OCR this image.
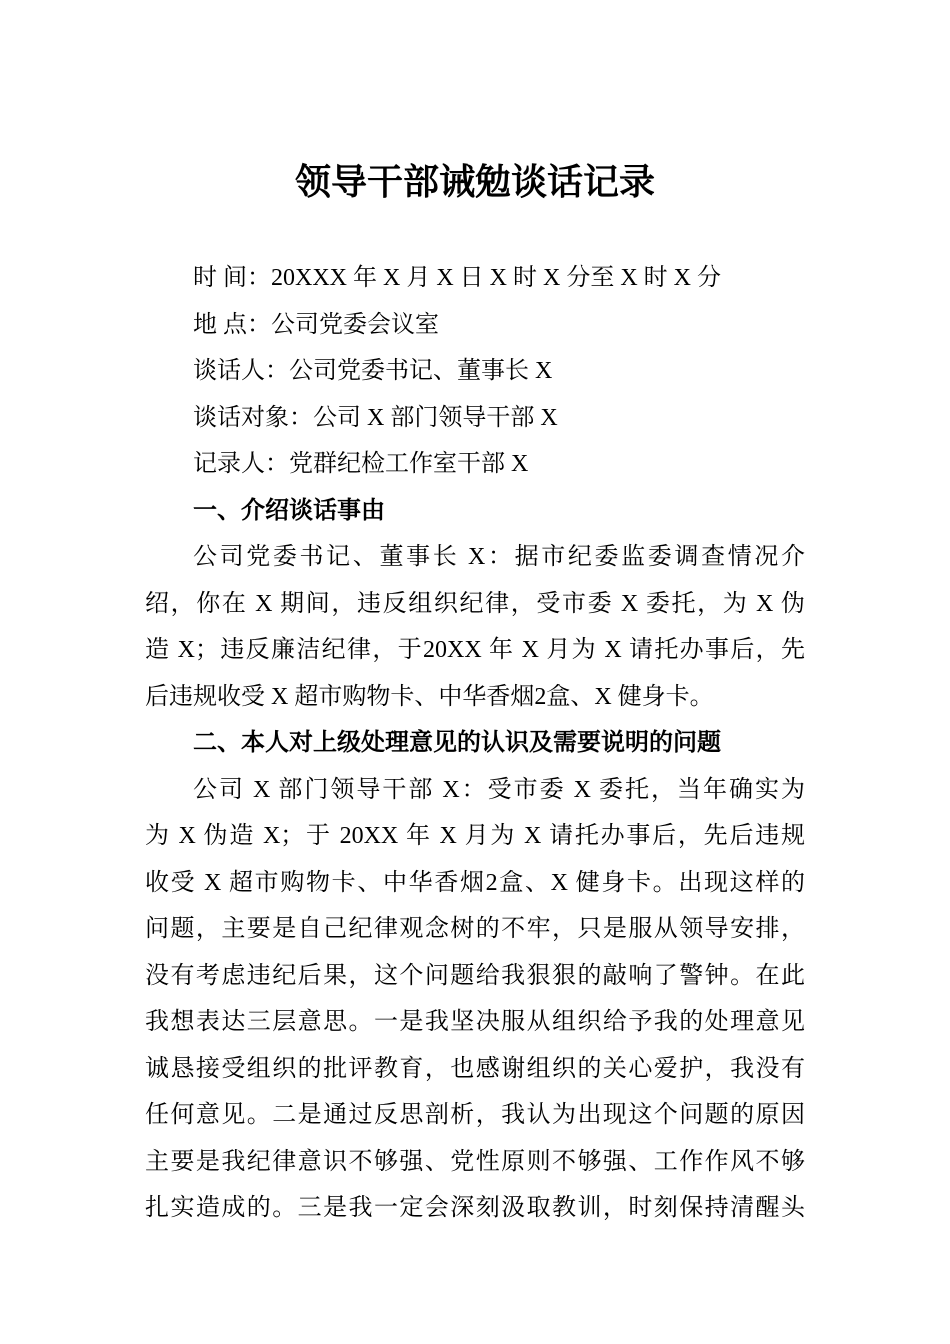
领导干部诫勉谈话记录
时 间：20XXX 年 X 月 X 日 X 时 X 分至 X 时 X 分
地 点：公司党委会议室
谈话人：公司党委书记、董事长 X
谈话对象：公司 X 部门领导干部 X
记录人：党群纪检工作室干部 X
一、介绍谈话事由
公司党委书记、董事长 X：据市纪委监委调查情况介
绍，你在 X 期间，违反组织纪律，受市委 X 委托，为 X 伪
造 X；违反廉洁纪律，于20XX 年 X 月为 X 请托办事后，先
后违规收受 X 超市购物卡、中华香烟2盒、X 健身卡。
二、本人对上级处理意见的认识及需要说明的问题
公司 X 部门领导干部 X：受市委 X 委托，当年确实为
为 X 伪造 X；于 20XX 年 X 月为 X 请托办事后，先后违规
收受 X 超市购物卡、中华香烟2盒、X 健身卡。出现这样的
问题，主要是自己纪律观念树的不牢，只是服从领导安排，
没有考虑违纪后果，这个问题给我狠狠的敲响了警钟。在此
我想表达三层意思。一是我坚决服从组织给予我的处理意见
诚恳接受组织的批评教育，也感谢组织的关心爱护，我没有
任何意见。二是通过反思剖析，我认为出现这个问题的原因
主要是我纪律意识不够强、党性原则不够强、工作作风不够
扎实造成的。三是我一定会深刻汲取教训，时刻保持清醒头
